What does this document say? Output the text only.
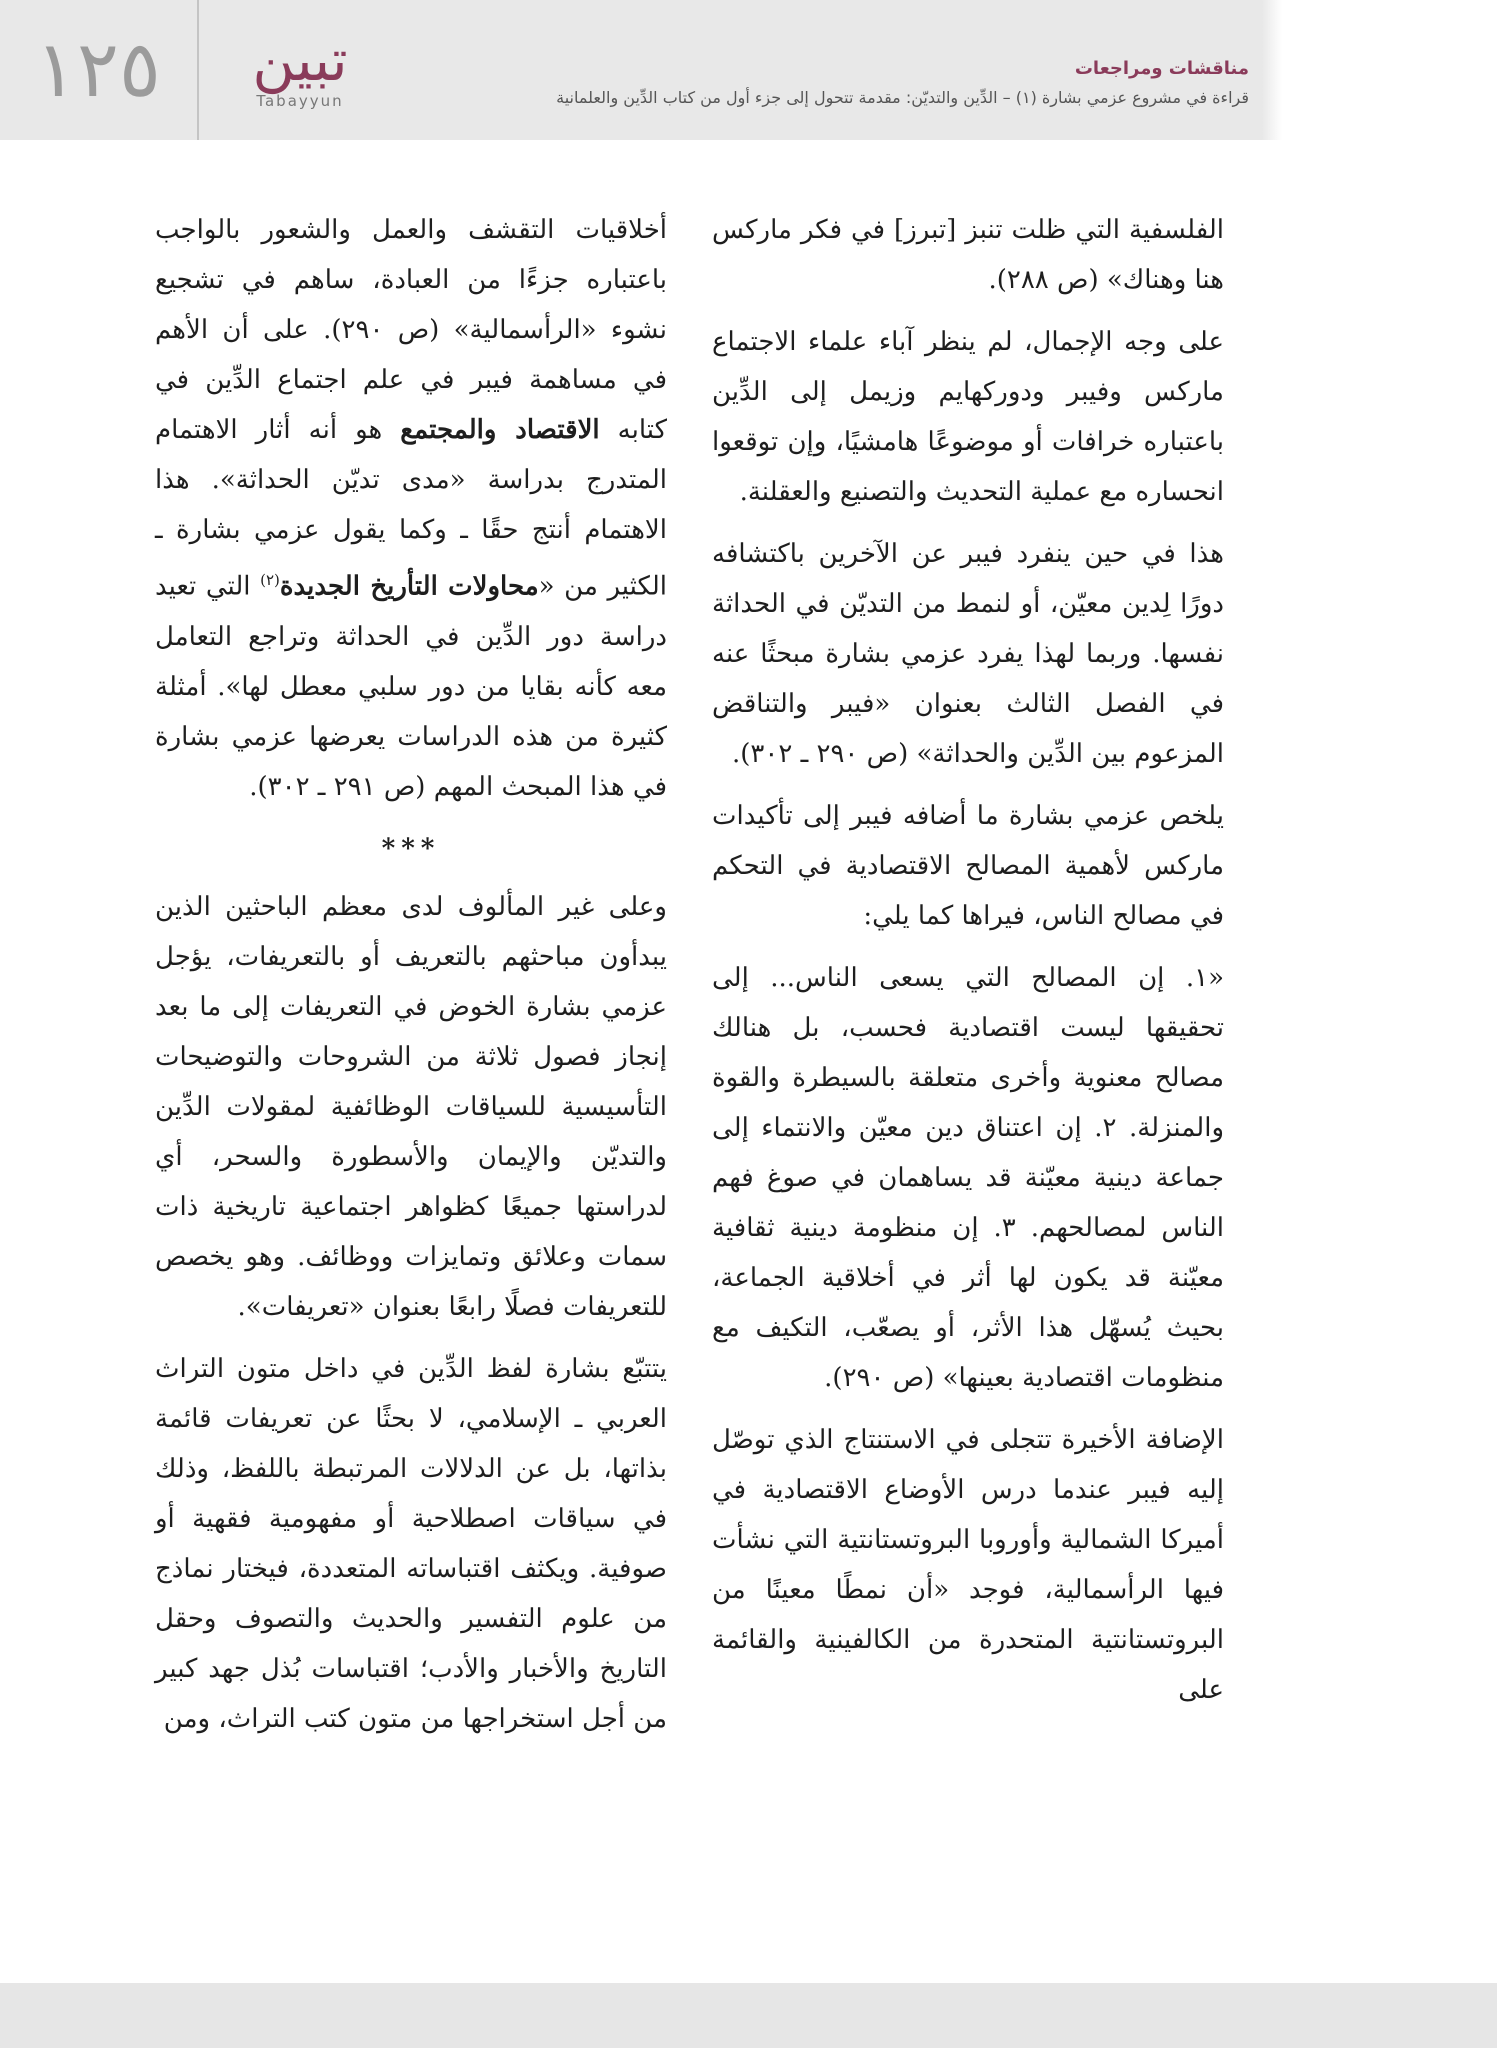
١٢٥	تبين
Tabayyun
مناقشات ومراجعات
قراءة في مشروع عزمي بشارة (١) – الدِّين والتديّن: مقدمة تتحول إلى جزء أول من كتاب الدِّين والعلمانية

الفلسفية التي ظلت تنبز [تبرز] في فكر ماركس هنا وهناك» (ص ٢٨٨).

على وجه الإجمال، لم ينظر آباء علماء الاجتماع ماركس وفيبر ودوركهايم وزيمل إلى الدِّين باعتباره خرافات أو موضوعًا هامشيًا، وإن توقعوا انحساره مع عملية التحديث والتصنيع والعقلنة.

هذا في حين ينفرد فيبر عن الآخرين باكتشافه دورًا لِدين معيّن، أو لنمط من التديّن في الحداثة نفسها. وربما لهذا يفرد عزمي بشارة مبحثًا عنه في الفصل الثالث بعنوان «فيبر والتناقض المزعوم بين الدِّين والحداثة» (ص ٢٩٠ ـ ٣٠٢).

يلخص عزمي بشارة ما أضافه فيبر إلى تأكيدات ماركس لأهمية المصالح الاقتصادية في التحكم في مصالح الناس، فيراها كما يلي:

«١. إن المصالح التي يسعى الناس... إلى تحقيقها ليست اقتصادية فحسب، بل هنالك مصالح معنوية وأخرى متعلقة بالسيطرة والقوة والمنزلة. ٢. إن اعتناق دين معيّن والانتماء إلى جماعة دينية معيّنة قد يساهمان في صوغ فهم الناس لمصالحهم. ٣. إن منظومة دينية ثقافية معيّنة قد يكون لها أثر في أخلاقية الجماعة، بحيث يُسهّل هذا الأثر، أو يصعّب، التكيف مع منظومات اقتصادية بعينها» (ص ٢٩٠).

الإضافة الأخيرة تتجلى في الاستنتاج الذي توصّل إليه فيبر عندما درس الأوضاع الاقتصادية في أميركا الشمالية وأوروبا البروتستانتية التي نشأت فيها الرأسمالية، فوجد «أن نمطًا معينًا من البروتستانتية المتحدرة من الكالفينية والقائمة على

أخلاقيات التقشف والعمل والشعور بالواجب باعتباره جزءًا من العبادة، ساهم في تشجيع نشوء «الرأسمالية» (ص ٢٩٠). على أن الأهم في مساهمة فيبر في علم اجتماع الدِّين في كتابه الاقتصاد والمجتمع هو أنه أثار الاهتمام المتدرج بدراسة «مدى تديّن الحداثة». هذا الاهتمام أنتج حقًا ـ وكما يقول عزمي بشارة ـ الكثير من «محاولات التأريخ الجديدة$^{(٢)}$ التي تعيد دراسة دور الدِّين في الحداثة وتراجع التعامل معه كأنه بقايا من دور سلبي معطل لها». أمثلة كثيرة من هذه الدراسات يعرضها عزمي بشارة في هذا المبحث المهم (ص ٢٩١ ـ ٣٠٢).

***

وعلى غير المألوف لدى معظم الباحثين الذين يبدأون مباحثهم بالتعريف أو بالتعريفات، يؤجل عزمي بشارة الخوض في التعريفات إلى ما بعد إنجاز فصول ثلاثة من الشروحات والتوضيحات التأسيسية للسياقات الوظائفية لمقولات الدِّين والتديّن والإيمان والأسطورة والسحر، أي لدراستها جميعًا كظواهر اجتماعية تاريخية ذات سمات وعلائق وتمايزات ووظائف. وهو يخصص للتعريفات فصلًا رابعًا بعنوان «تعريفات».

يتتبّع بشارة لفظ الدِّين في داخل متون التراث العربي ـ الإسلامي، لا بحثًا عن تعريفات قائمة بذاتها، بل عن الدلالات المرتبطة باللفظ، وذلك في سياقات اصطلاحية أو مفهومية فقهية أو صوفية. ويكثف اقتباساته المتعددة، فيختار نماذج من علوم التفسير والحديث والتصوف وحقل التاريخ والأخبار والأدب؛ اقتباسات بُذل جهد كبير من أجل استخراجها من متون كتب التراث، ومن
